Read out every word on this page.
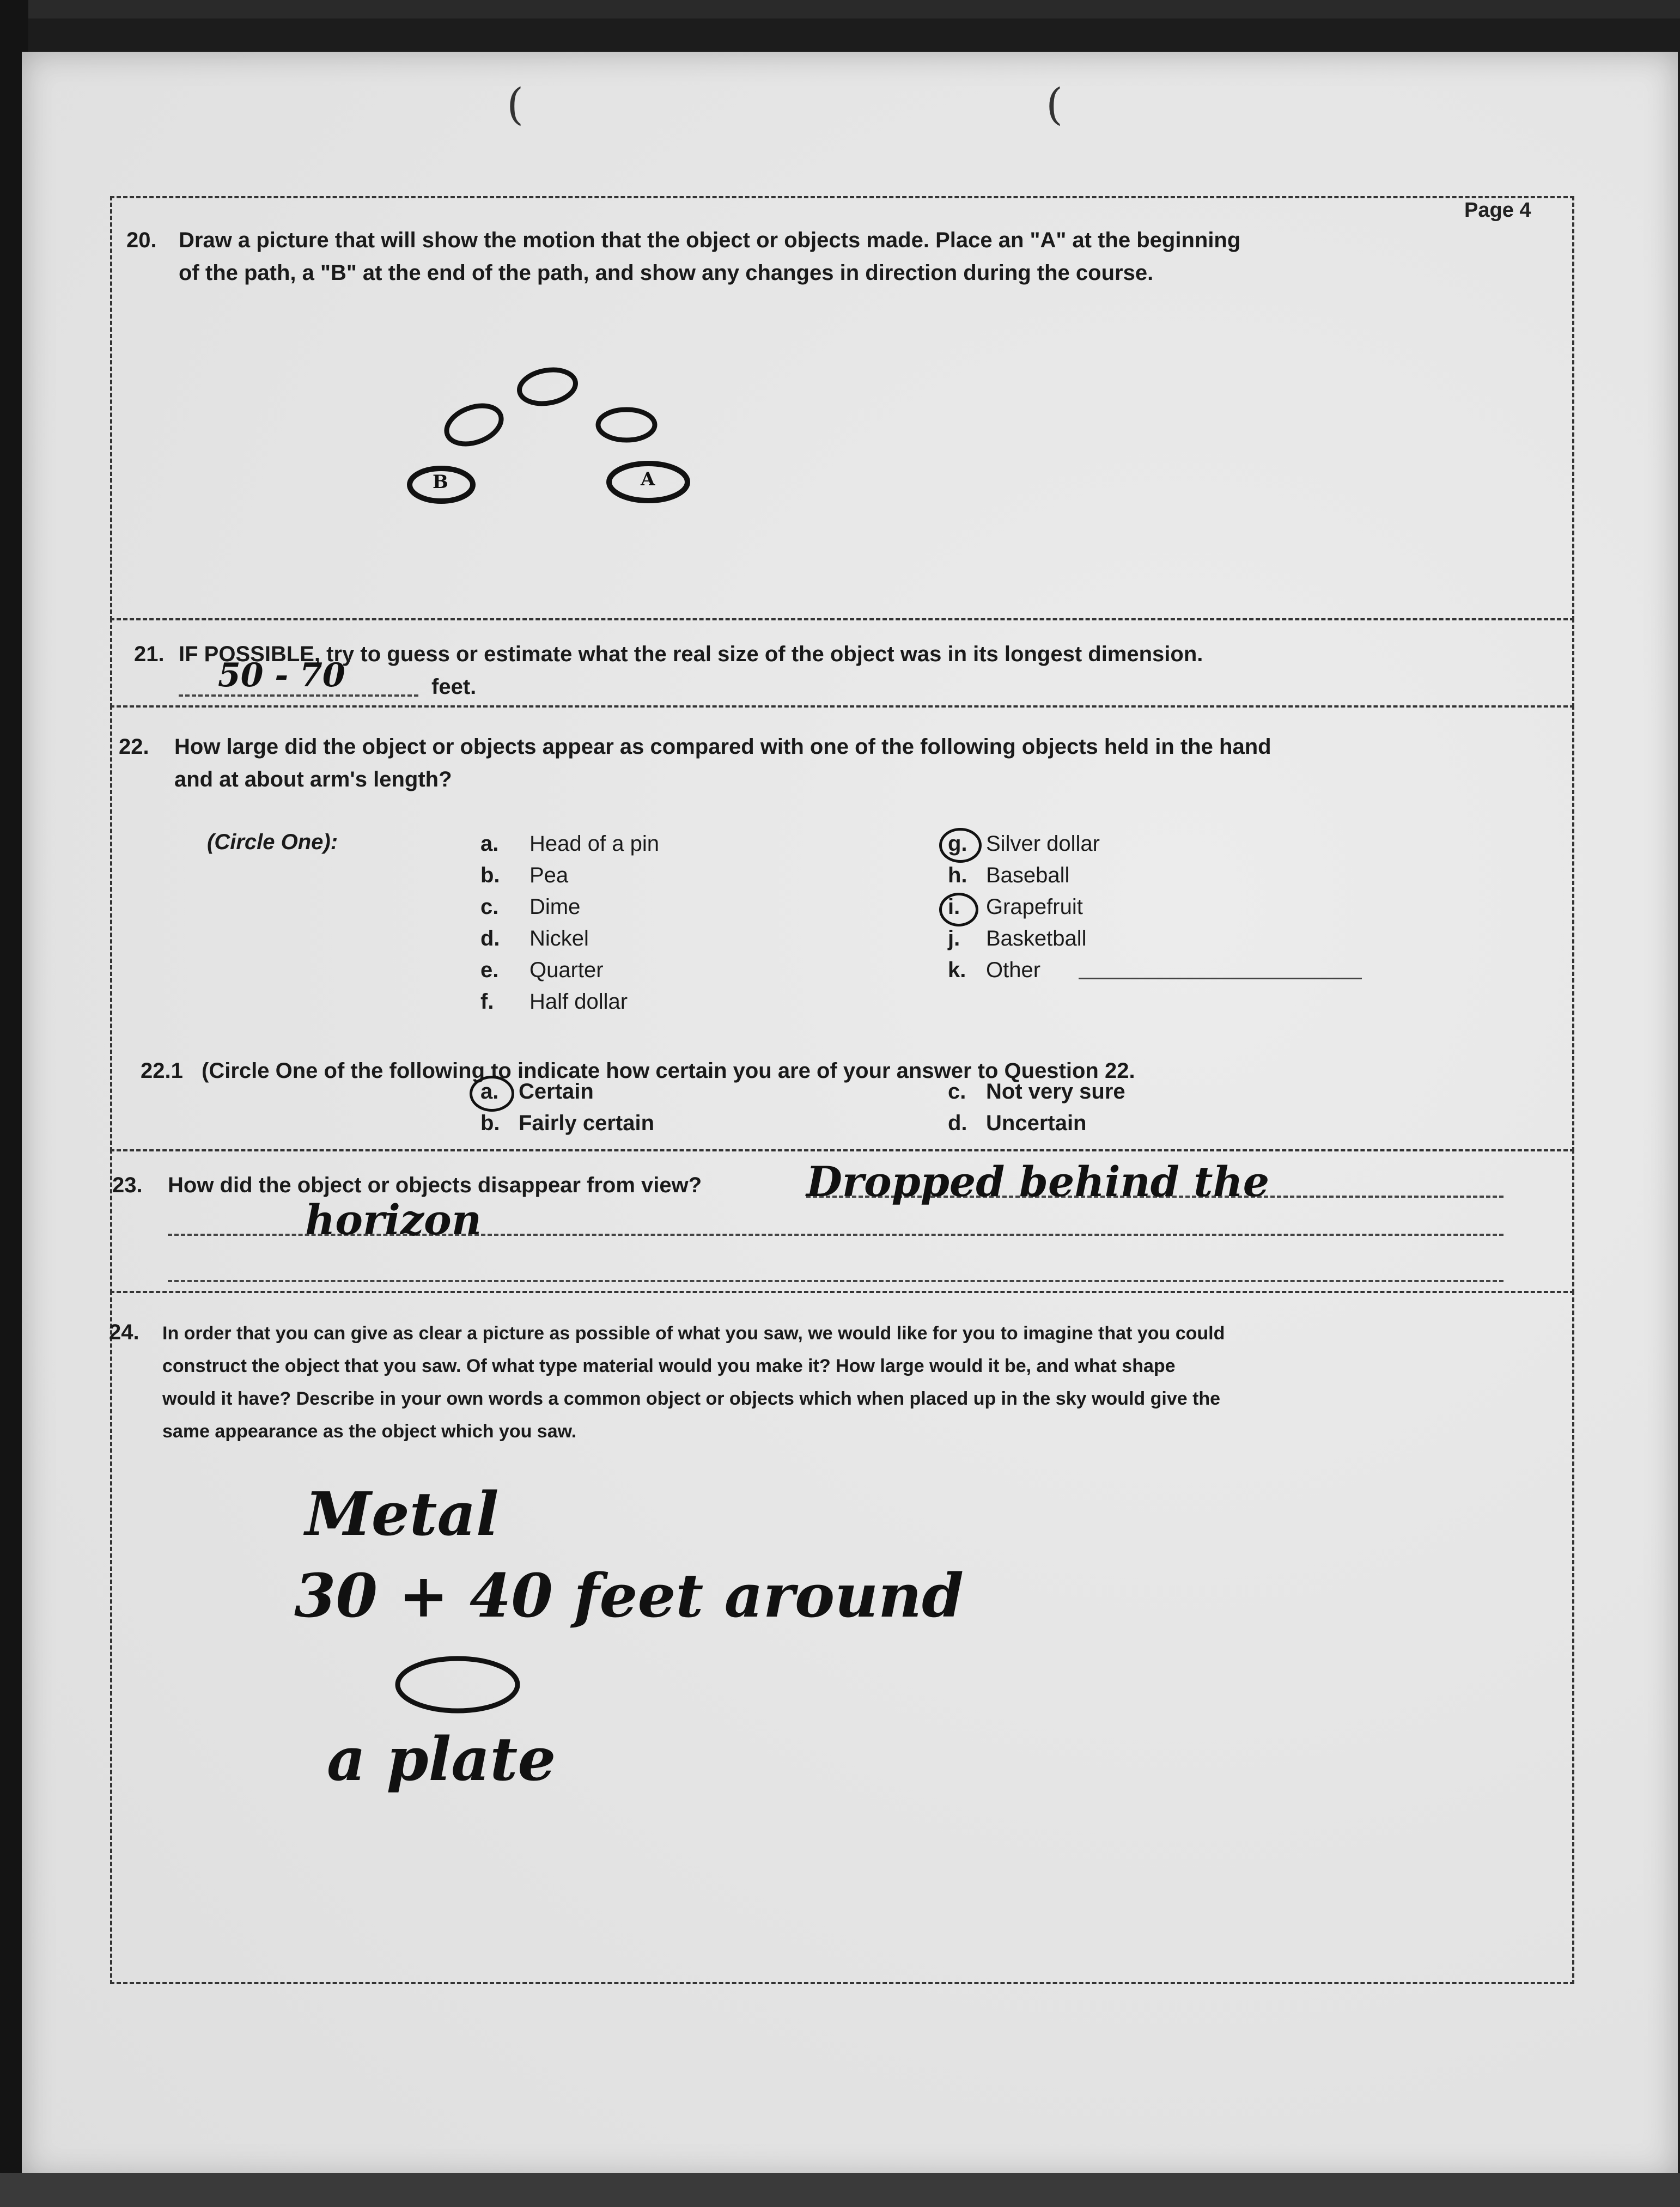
Page 4
(	(
20. Draw a picture that will show the motion that the object or objects made. Place an "A" at the beginning
of the path, a "B" at the end of the path, and show any changes in direction during the course.
B	A
21. IF POSSIBLE, try to guess or estimate what the real size of the object was in its longest dimension.
50 - 70	feet.
22. How large did the object or objects appear as compared with one of the following objects held in the hand
and at about arm's length?
(Circle One):	a. Head of a pin
b. Pea
c. Dime
d. Nickel
e. Quarter
f. Half dollar
g. Silver dollar
h. Baseball
i. Grapefruit
j. Basketball
k. Other
22.1 (Circle One of the following to indicate how certain you are of your answer to Question 22.
a. Certain
b. Fairly certain
c. Not very sure
d. Uncertain
23. How did the object or objects disappear from view?	Dropped behind the
horizon
24. In order that you can give as clear a picture as possible of what you saw, we would like for you to imagine that you could
construct the object that you saw. Of what type material would you make it? How large would it be, and what shape
would it have? Describe in your own words a common object or objects which when placed up in the sky would give the
same appearance as the object which you saw.
Metal
30 + 40 feet around
a plate
